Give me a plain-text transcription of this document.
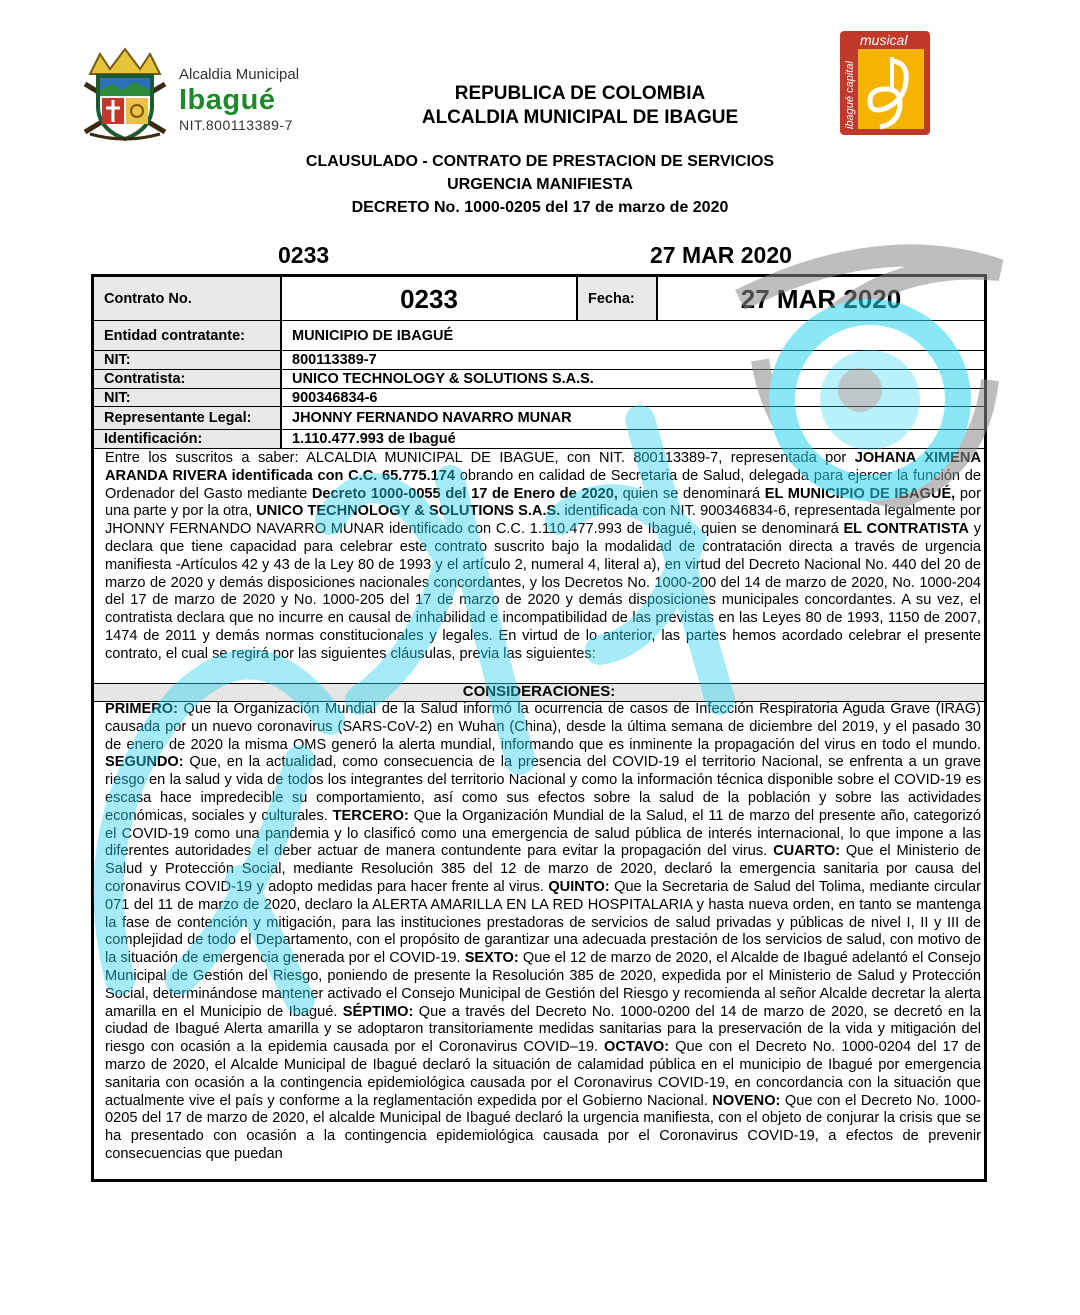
Alcaldia Municipal
Ibagué
NIT.800113389-7
REPUBLICA DE COLOMBIA
ALCALDIA MUNICIPAL DE IBAGUE
musical
ibagué capital
CLAUSULADO - CONTRATO DE PRESTACION DE SERVICIOS
URGENCIA MANIFIESTA
DECRETO No. 1000-0205 del 17 de marzo de 2020
0233	27 MAR 2020
Contrato No.	0233	Fecha:	27 MAR 2020
Entidad contratante:	MUNICIPIO DE IBAGUÉ
NIT:	800113389-7
Contratista:	UNICO TECHNOLOGY & SOLUTIONS S.A.S.
NIT:	900346834-6
Representante Legal:	JHONNY FERNANDO NAVARRO MUNAR
Identificación:	1.110.477.993 de Ibagué
Entre los suscritos a saber: ALCALDIA MUNICIPAL DE IBAGUE, con NIT. 800113389-7, representada por JOHANA XIMENA ARANDA RIVERA identificada con C.C. 65.775.174 obrando en calidad de Secretaria de Salud, delegada para ejercer la función de Ordenador del Gasto mediante Decreto 1000-0055 del 17 de Enero de 2020, quien se denominará EL MUNICIPIO DE IBAGUÉ, por una parte y por la otra, UNICO TECHNOLOGY & SOLUTIONS S.A.S. identificada con NIT. 900346834-6, representada legalmente por JHONNY FERNANDO NAVARRO MUNAR identificado con C.C. 1.110.477.993 de Ibagué, quien se denominará EL CONTRATISTA y declara que tiene capacidad para celebrar este contrato suscrito bajo la modalidad de contratación directa a través de urgencia manifiesta -Artículos 42 y 43 de la Ley 80 de 1993 y el artículo 2, numeral 4, literal a), en virtud del Decreto Nacional No. 440 del 20 de marzo de 2020 y demás disposiciones nacionales concordantes, y los Decretos No. 1000-200 del 14 de marzo de 2020, No. 1000-204 del 17 de marzo de 2020 y No. 1000-205 del 17 de marzo de 2020 y demás disposiciones municipales concordantes. A su vez, el contratista declara que no incurre en causal de inhabilidad e incompatibilidad de las previstas en las Leyes 80 de 1993, 1150 de 2007, 1474 de 2011 y demás normas constitucionales y legales. En virtud de lo anterior, las partes hemos acordado celebrar el presente contrato, el cual se regirá por las siguientes cláusulas, previa las siguientes:
CONSIDERACIONES:
PRIMERO: Que la Organización Mundial de la Salud informó la ocurrencia de casos de Infección Respiratoria Aguda Grave (IRAG) causada por un nuevo coronavirus (SARS-CoV-2) en Wuhan (China), desde la última semana de diciembre del 2019, y el pasado 30 de enero de 2020 la misma OMS generó la alerta mundial, informando que es inminente la propagación del virus en todo el mundo. SEGUNDO: Que, en la actualidad, como consecuencia de la presencia del COVID-19 el territorio Nacional, se enfrenta a un grave riesgo en la salud y vida de todos los integrantes del territorio Nacional y como la información técnica disponible sobre el COVID-19 es escasa hace impredecible su comportamiento, así como sus efectos sobre la salud de la población y sobre las actividades económicas, sociales y culturales. TERCERO: Que la Organización Mundial de la Salud, el 11 de marzo del presente año, categorizó el COVID-19 como una pandemia y lo clasificó como una emergencia de salud pública de interés internacional, lo que impone a las diferentes autoridades el deber actuar de manera contundente para evitar la propagación del virus. CUARTO: Que el Ministerio de Salud y Protección Social, mediante Resolución 385 del 12 de marzo de 2020, declaró la emergencia sanitaria por causa del coronavirus COVID-19 y adopto medidas para hacer frente al virus. QUINTO: Que la Secretaria de Salud del Tolima, mediante circular 071 del 11 de marzo de 2020, declaro la ALERTA AMARILLA EN LA RED HOSPITALARIA y hasta nueva orden, en tanto se mantenga la fase de contención y mitigación, para las instituciones prestadoras de servicios de salud privadas y públicas de nivel I, II y III de complejidad de todo el Departamento, con el propósito de garantizar una adecuada prestación de los servicios de salud, con motivo de la situación de emergencia generada por el COVID-19. SEXTO: Que el 12 de marzo de 2020, el Alcalde de Ibagué adelantó el Consejo Municipal de Gestión del Riesgo, poniendo de presente la Resolución 385 de 2020, expedida por el Ministerio de Salud y Protección Social, determinándose mantener activado el Consejo Municipal de Gestión del Riesgo y recomienda al señor Alcalde decretar la alerta amarilla en el Municipio de Ibagué. SÉPTIMO: Que a través del Decreto No. 1000-0200 del 14 de marzo de 2020, se decretó en la ciudad de Ibagué Alerta amarilla y se adoptaron transitoriamente medidas sanitarias para la preservación de la vida y mitigación del riesgo con ocasión a la epidemia causada por el Coronavirus COVID–19. OCTAVO: Que con el Decreto No. 1000-0204 del 17 de marzo de 2020, el Alcalde Municipal de Ibagué declaró la situación de calamidad pública en el municipio de Ibagué por emergencia sanitaria con ocasión a la contingencia epidemiológica causada por el Coronavirus COVID-19, en concordancia con la situación que actualmente vive el país y conforme a la reglamentación expedida por el Gobierno Nacional. NOVENO: Que con el Decreto No. 1000-0205 del 17 de marzo de 2020, el alcalde Municipal de Ibagué declaró la urgencia manifiesta, con el objeto de conjurar la crisis que se ha presentado con ocasión a la contingencia epidemiológica causada por el Coronavirus COVID-19, a efectos de prevenir consecuencias que puedan
